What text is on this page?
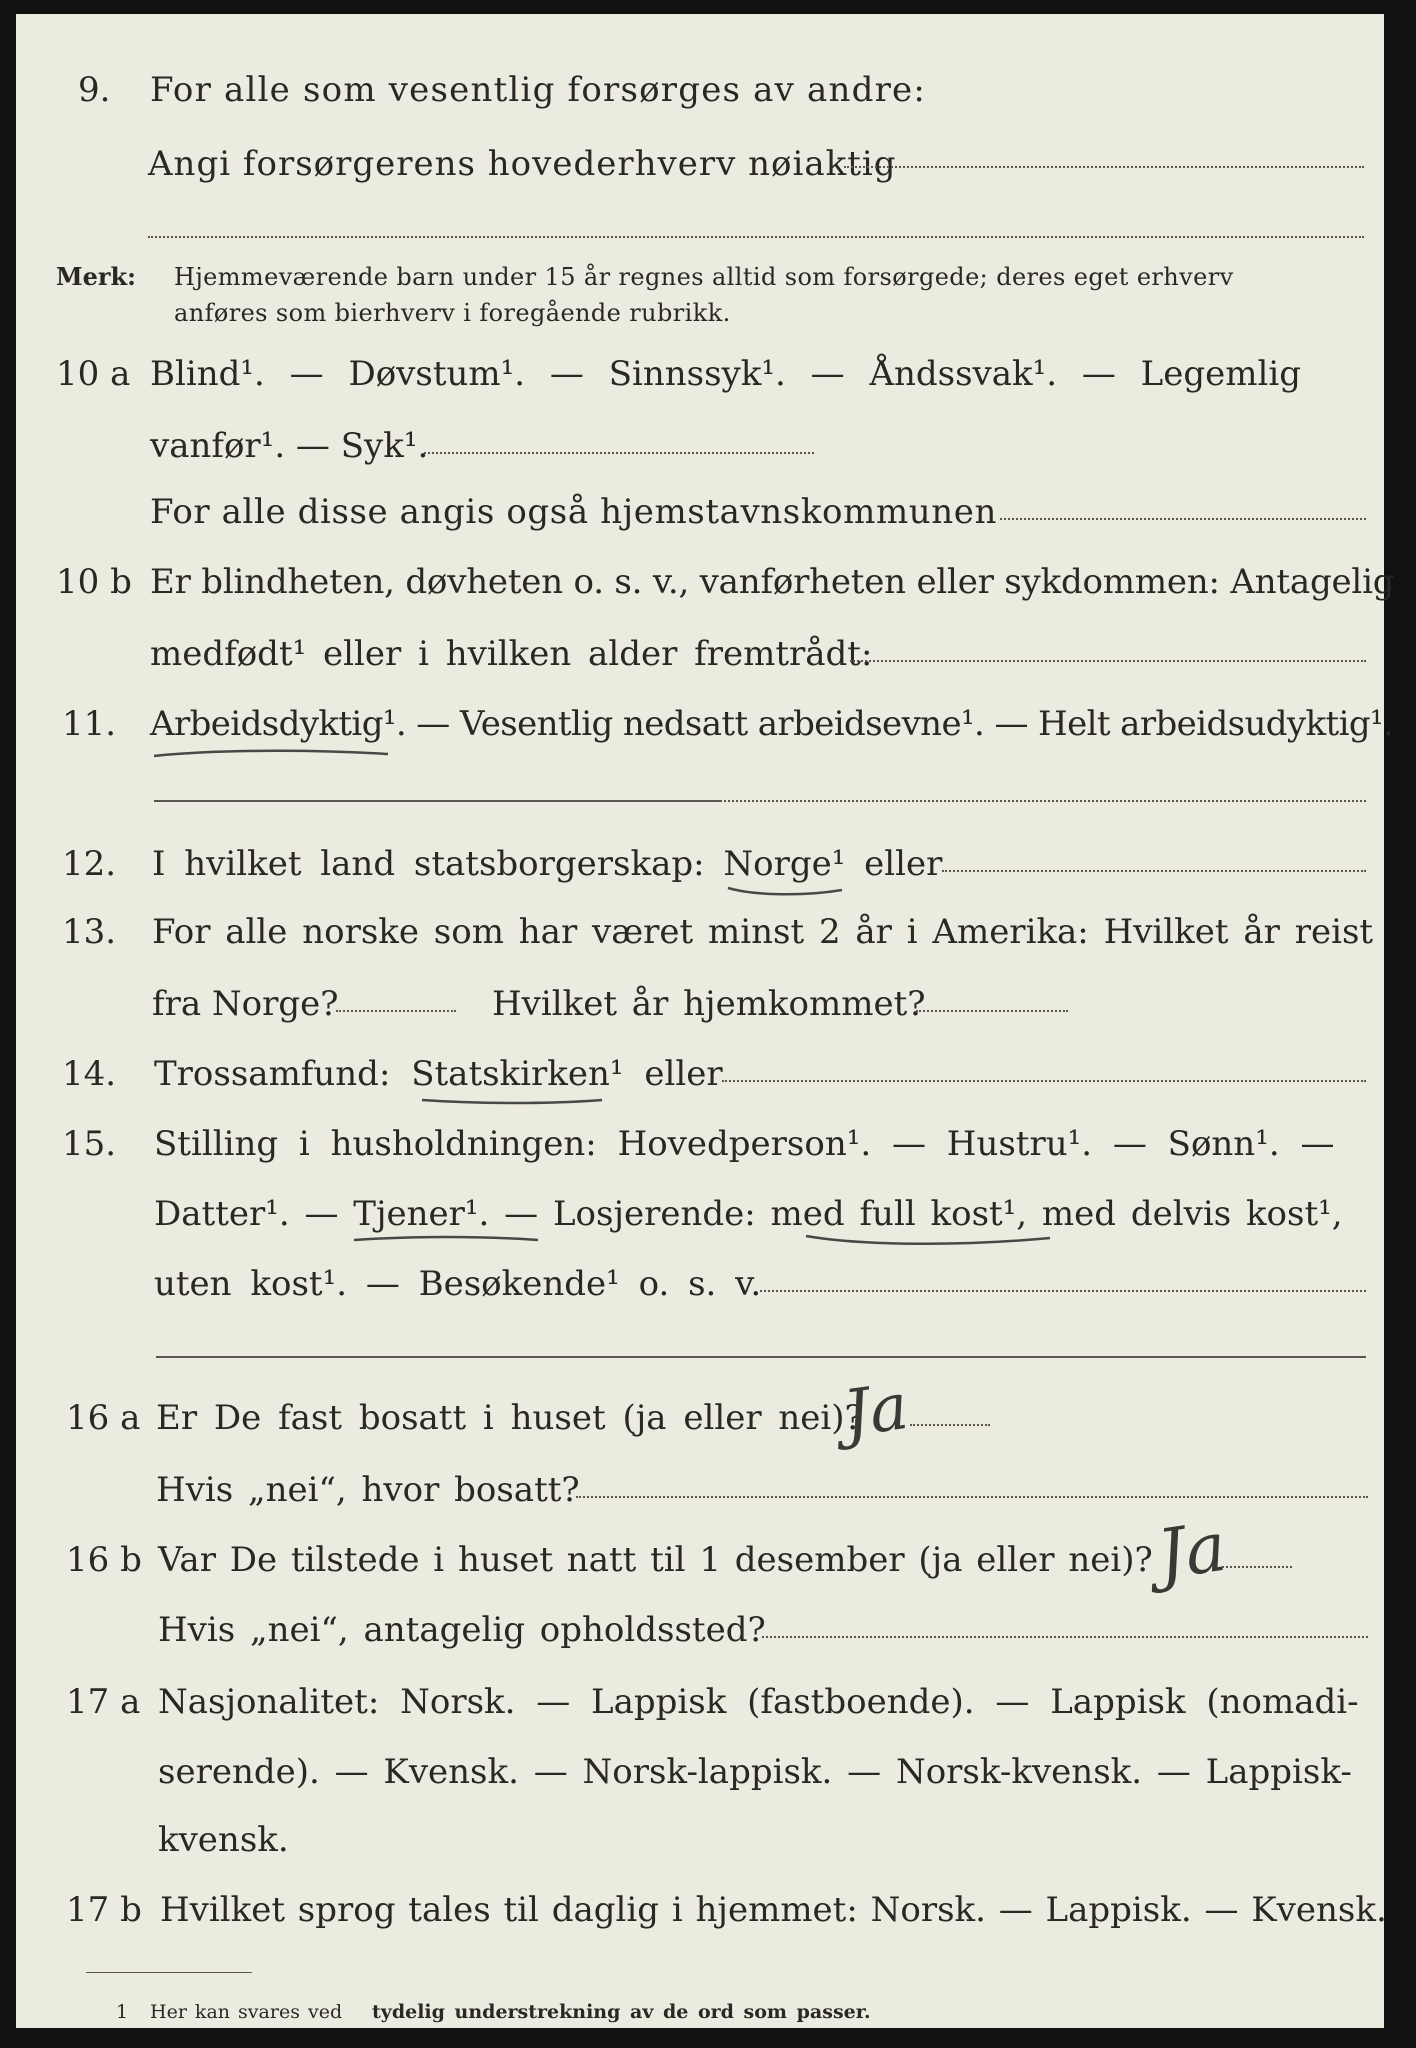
9. For alle som vesentlig forsørges av andre:
Angi forsørgerens hovederhverv nøiaktig
Merk: Hjemmeværende barn under 15 år regnes alltid som forsørgede; deres eget erhverv
anføres som bierhverv i foregående rubrikk.
10 a Blind¹. — Døvstum¹. — Sinnssyk¹. — Åndssvak¹. — Legemlig
vanfør¹. — Syk¹.
For alle disse angis også hjemstavnskommunen
10 b Er blindheten, døvheten o. s. v., vanførheten eller sykdommen: Antagelig
medfødt¹ eller i hvilken alder fremtrådt:
11. Arbeidsdyktig¹. — Vesentlig nedsatt arbeidsevne¹. — Helt arbeidsudyktig¹.
12. I hvilket land statsborgerskap: Norge¹ eller
13. For alle norske som har været minst 2 år i Amerika: Hvilket år reist
fra Norge?	Hvilket år hjemkommet?
14. Trossamfund: Statskirken¹ eller
15. Stilling i husholdningen: Hovedperson¹. — Hustru¹. — Sønn¹. —
Datter¹. — Tjener¹. — Losjerende: med full kost¹, med delvis kost¹,
uten kost¹. — Besøkende¹ o. s. v.
16 a Er De fast bosatt i huset (ja eller nei)?
Ja
Hvis „nei“, hvor bosatt?
16 b Var De tilstede i huset natt til 1 desember (ja eller nei)? Ja
Hvis „nei“, antagelig opholdssted?
17 a Nasjonalitet: Norsk. — Lappisk (fastboende). — Lappisk (nomadi-
serende). — Kvensk. — Norsk-lappisk. — Norsk-kvensk. — Lappisk-
kvensk.
17 b Hvilket sprog tales til daglig i hjemmet: Norsk. — Lappisk. — Kvensk.
1 Her kan svares ved tydelig understrekning av de ord som passer.
